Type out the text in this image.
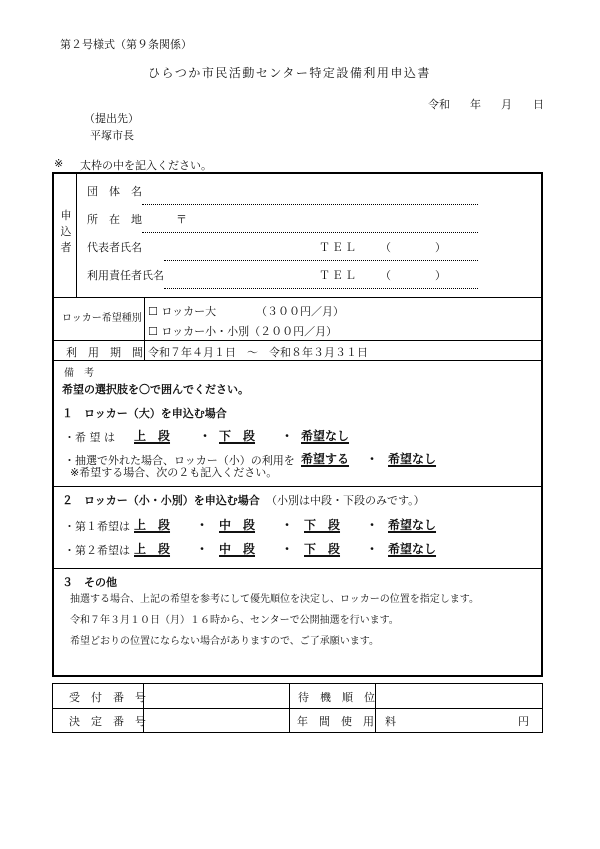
第２号様式（第９条関係）
ひらつか市民活動センター特定設備利用申込書
令和 年 月 日
（提出先）
平塚市長
※ 太枠の中を記入ください。
申込者
団　体　名
所　在　地	〒
代表者氏名	ＴＥＬ （　　　　）
利用責任者氏名	ＴＥＬ （　　　　）
ロッカー希望種別
☐ ロッカー大	（３００円／月）
☐ ロッカー小・小別（２００円／月）
利　用　期　間 令和７年４月１日　～　令和８年３月３１日
備　考
希望の選択肢を〇で囲んでください。
１　ロッカー（大）を申込む場合
・希 望 は 上　段 ・ 下　段 ・ 希望なし
・抽選で外れた場合、ロッカー（小）の利用を 希望する ・ 希望なし
※希望する場合、次の２も記入ください。
２　ロッカー（小・小別）を申込む場合 （小別は中段・下段のみです。）
・第１希望は 上　段 ・ 中　段 ・ 下　段 ・ 希望なし
・第２希望は 上　段 ・ 中　段 ・ 下　段 ・ 希望なし
３　その他
抽選する場合、上記の希望を参考にして優先順位を決定し、ロッカーの位置を指定します。
令和７年３月１０日（月）１６時から、センターで公開抽選を行います。
希望どおりの位置にならない場合がありますので、ご了承願います。
受　付　番　号	待　機　順　位
決　定　番　号	年　間　使　用　料	円
